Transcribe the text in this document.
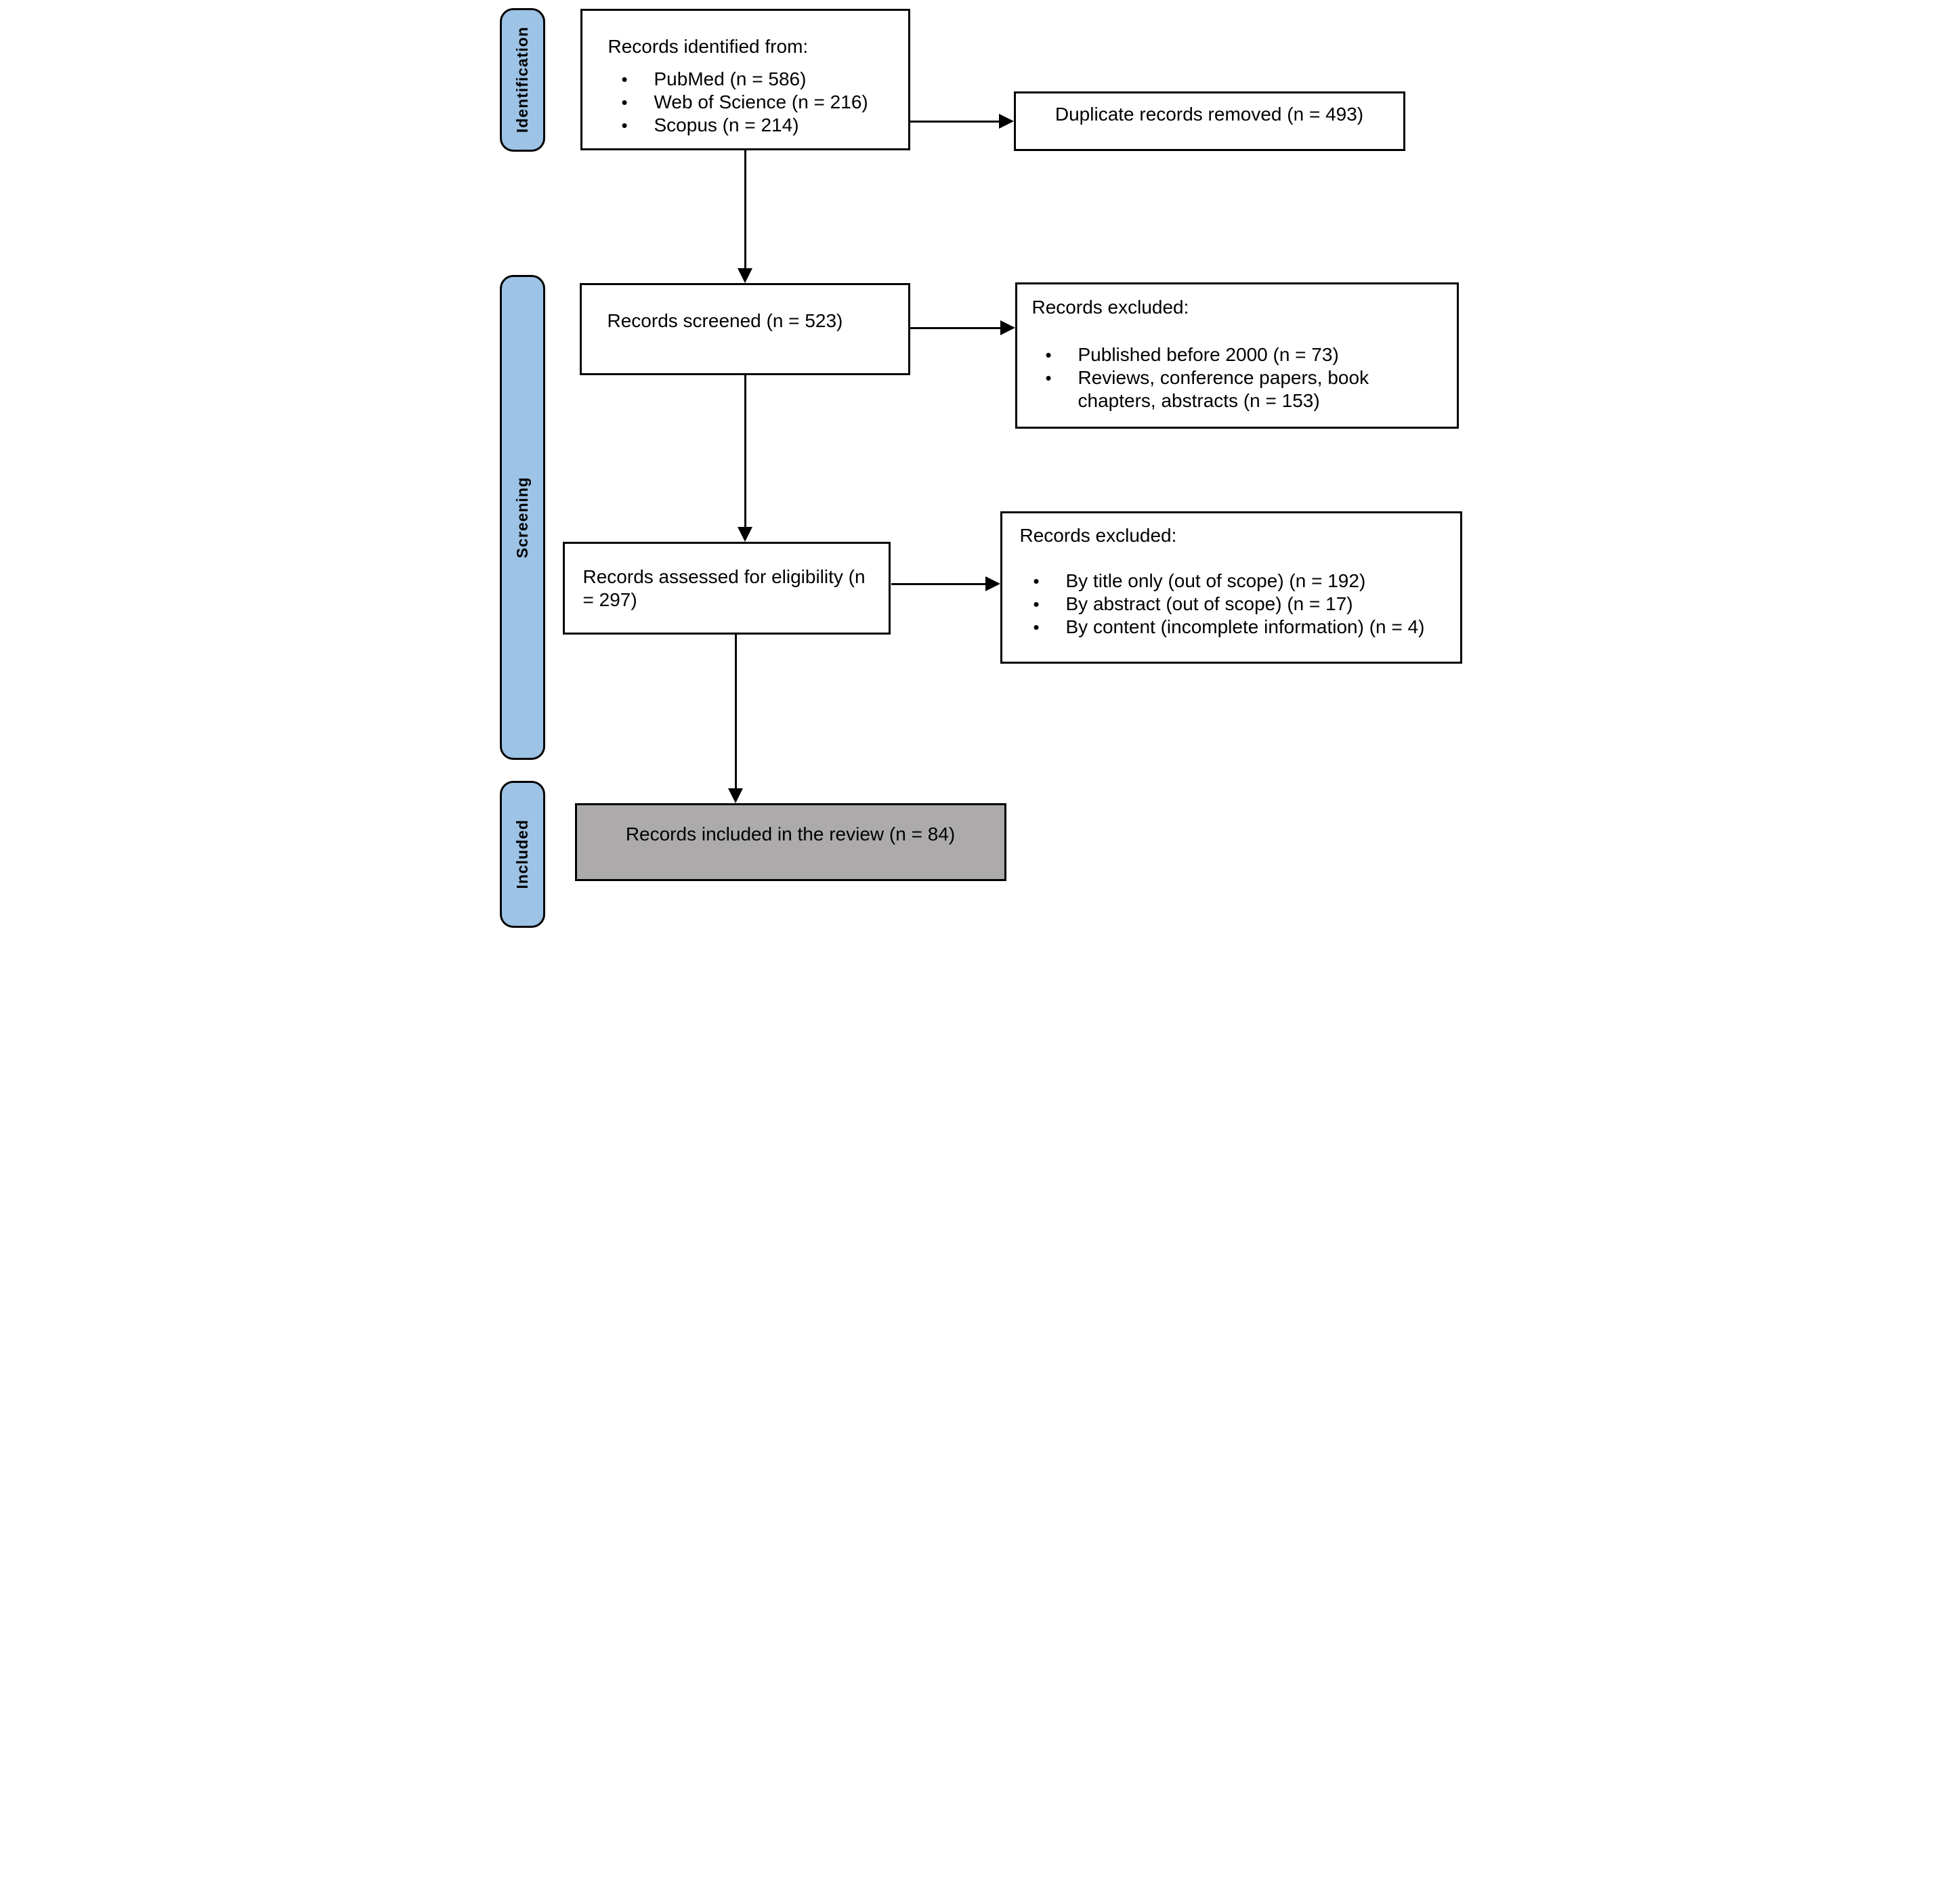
Identification
Screening
Included
Records identified from:
• PubMed (n = 586)
• Web of Science (n = 216)
• Scopus (n = 214)
Duplicate records removed (n = 493)
Records screened (n = 523)
Records excluded:
• Published before 2000 (n = 73)
• Reviews, conference papers, book chapters, abstracts (n = 153)
Records assessed for eligibility (n = 297)
Records excluded:
• By title only (out of scope) (n = 192)
• By abstract (out of scope) (n = 17)
• By content (incomplete information) (n = 4)
Records included in the review (n = 84)
